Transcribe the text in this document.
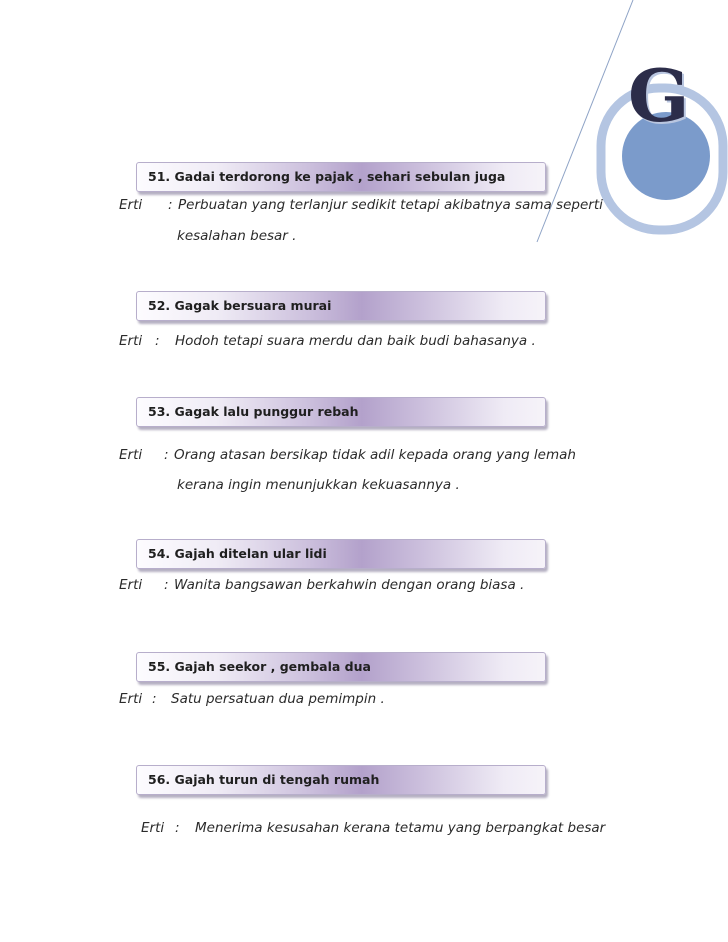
G
51. Gadai terdorong ke pajak , sehari sebulan juga
Erti : Perbuatan yang terlanjur sedikit tetapi akibatnya sama seperti
kesalahan besar .
52. Gagak bersuara murai
Erti : Hodoh tetapi suara merdu dan baik budi bahasanya .
53. Gagak lalu punggur rebah
Erti : Orang atasan bersikap tidak adil kepada orang yang lemah
kerana ingin menunjukkan kekuasannya .
54. Gajah ditelan ular lidi
Erti : Wanita bangsawan berkahwin dengan orang biasa .
55. Gajah seekor , gembala dua
Erti : Satu persatuan dua pemimpin .
56. Gajah turun di tengah rumah
Erti : Menerima kesusahan kerana tetamu yang berpangkat besar
